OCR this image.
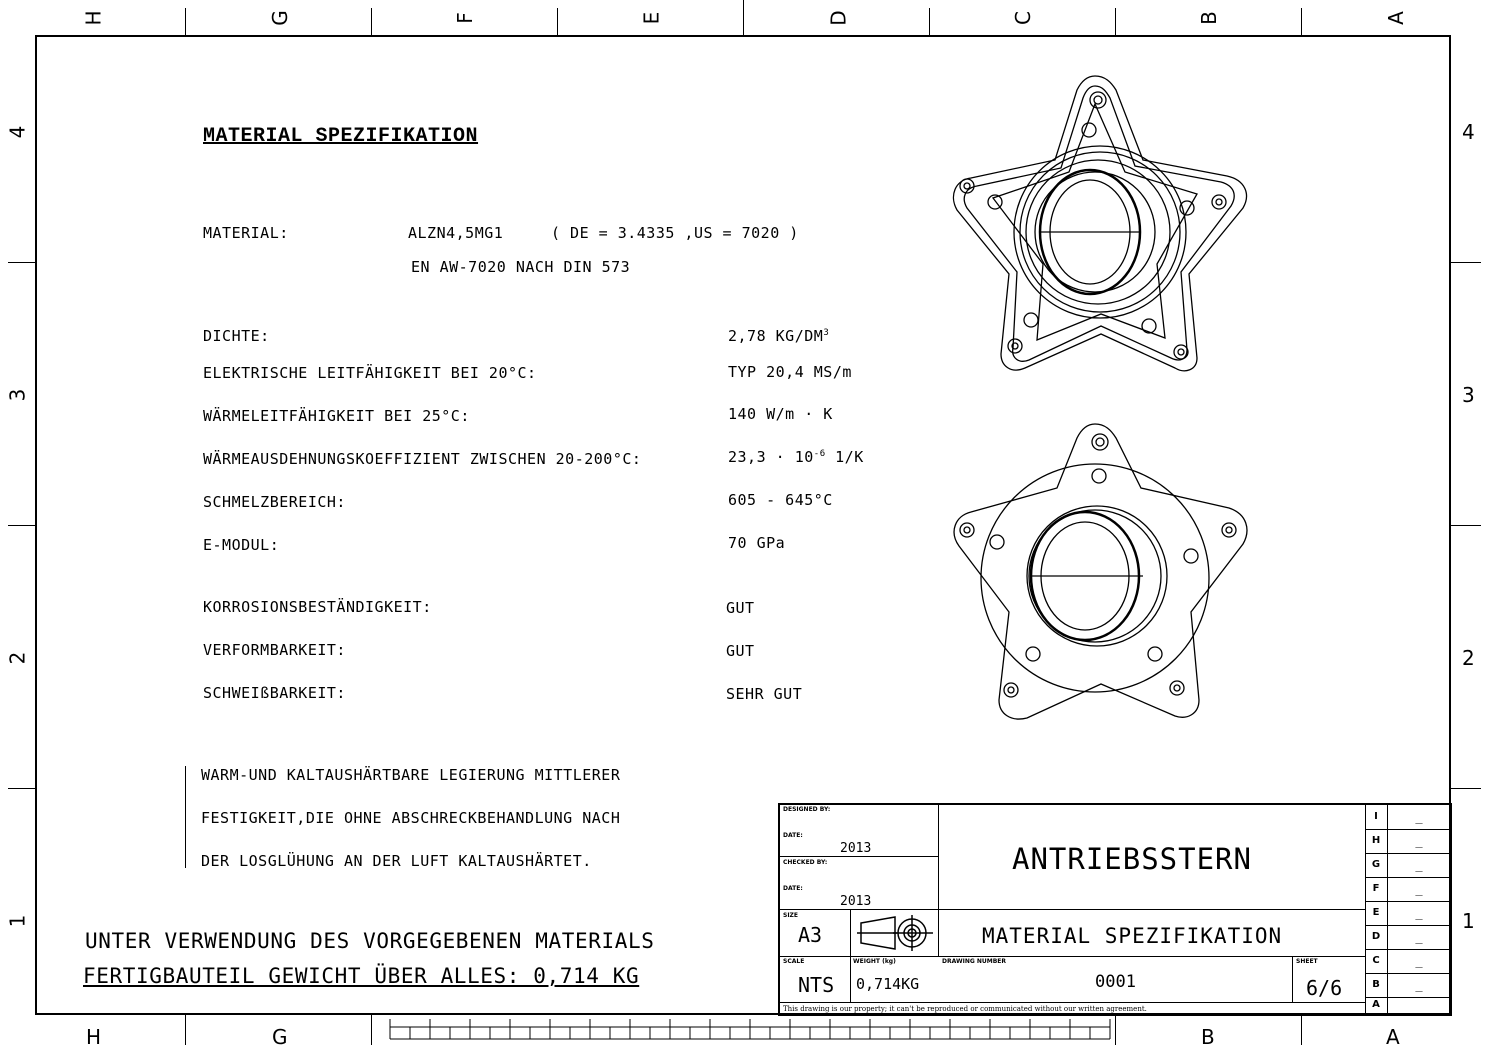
H	G	F	E	D	C	B	A
H	G	B	A
4
3
2
1
4
3
2
1
MATERIAL SPEZIFIKATION
MATERIAL:	ALZN4,5MG1	( DE = 3.4335 ,US = 7020 )
EN AW-7020 NACH DIN 573
DICHTE:	2,78 $KG/DM^3$
ELEKTRISCHE LEITFÄHIGKEIT BEI 20°C:	TYP 20,4 MS/m
WÄRMELEITFÄHIGKEIT BEI 25°C:	140 W/m · K
WÄRMEAUSDEHNUNGSKOEFFIZIENT ZWISCHEN 20-200°C:	$23,3 \cdot 10^{-6}$ 1/K
SCHMELZBEREICH:	605 - 645°C
E-MODUL:	70 GPa
KORROSIONSBESTÄNDIGKEIT:	GUT
VERFORMBARKEIT:	GUT
SCHWEIßBARKEIT:	SEHR GUT
WARM-UND KALTAUSHÄRTBARE LEGIERUNG MITTLERER
FESTIGKEIT,DIE OHNE ABSCHRECKBEHANDLUNG NACH
DER LOSGLÜHUNG AN DER LUFT KALTAUSHÄRTET.
UNTER VERWENDUNG DES VORGEGEBENEN MATERIALS
FERTIGBAUTEIL GEWICHT ÜBER ALLES: 0,714 KG
DESIGNED BY:
DATE:
2013
CHECKED BY:
DATE:
2013
ANTRIEBSSTERN
MATERIAL SPEZIFIKATION
SIZE
A3
SCALE
NTS
WEIGHT (kg)
0,714KG
DRAWING NUMBER
0001
SHEET
6/6
This drawing is our property; it can't be reproduced or communicated without our written agreement.
I	_
H	_
G	_
F	_
E	_
D	_
C	_
B	_
A
